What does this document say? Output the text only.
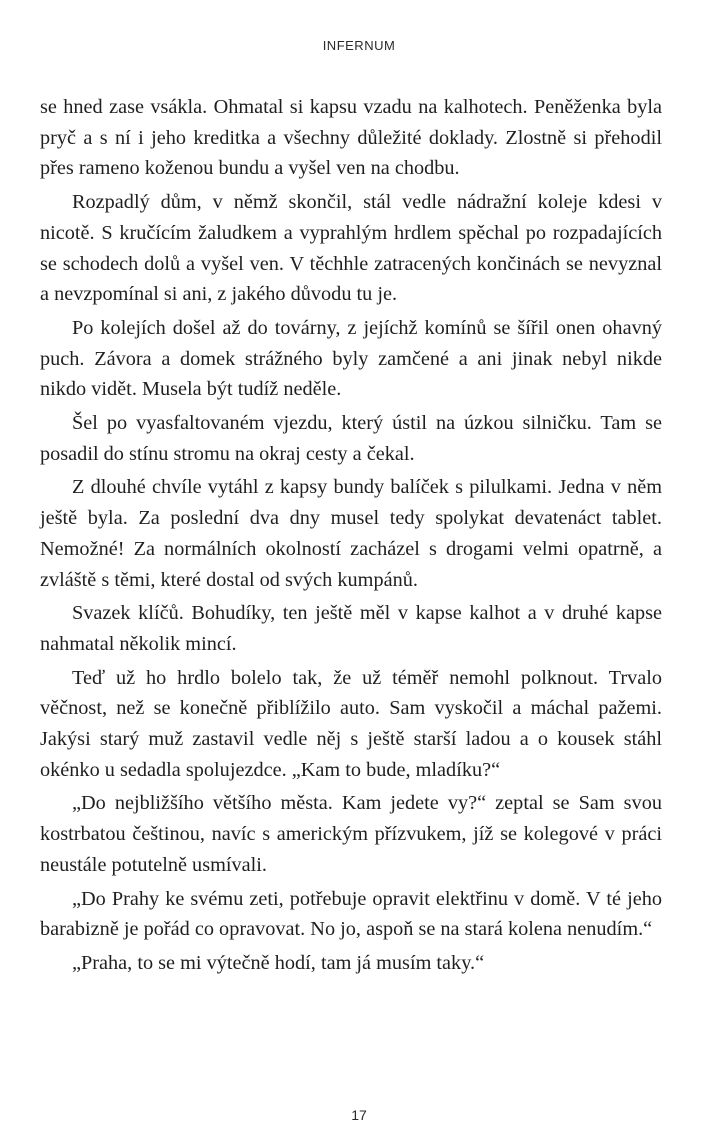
INFERNUM

se hned zase vsákla. Ohmatal si kapsu vzadu na kalhotech. Peněženka byla pryč a s ní i jeho kreditka a všechny důležité doklady. Zlostně si přehodil přes rameno koženou bundu a vyšel ven na chodbu.

Rozpadlý dům, v němž skončil, stál vedle nádražní koleje kdesi v nicotě. S kručícím žaludkem a vyprahlým hrdlem spěchal po rozpadajících se schodech dolů a vyšel ven. V těchhle zatracených končinách se nevyznal a nevzpomínal si ani, z jakého důvodu tu je.

Po kolejích došel až do továrny, z jejíchž komínů se šířil onen ohavný puch. Závora a domek strážného byly zamčené a ani jinak nebyl nikde nikdo vidět. Musela být tudíž neděle.

Šel po vyasfaltovaném vjezdu, který ústil na úzkou silničku. Tam se posadil do stínu stromu na okraj cesty a čekal.

Z dlouhé chvíle vytáhl z kapsy bundy balíček s pilulkami. Jedna v něm ještě byla. Za poslední dva dny musel tedy spolykat devatenáct tablet. Nemožné! Za normálních okolností zacházel s drogami velmi opatrně, a zvláště s těmi, které dostal od svých kumpánů.

Svazek klíčů. Bohudíky, ten ještě měl v kapse kalhot a v druhé kapse nahmatal několik mincí.

Teď už ho hrdlo bolelo tak, že už téměř nemohl polknout. Trvalo věčnost, než se konečně přiblížilo auto. Sam vyskočil a máchal pažemi. Jakýsi starý muž zastavil vedle něj s ještě starší ladou a o kousek stáhl okénko u sedadla spolujezdce. „Kam to bude, mladíku?“

„Do nejbližšího většího města. Kam jedete vy?“ zeptal se Sam svou kostrbatou češtinou, navíc s americkým přízvukem, jíž se kolegové v práci neustále potutelně usmívali.

„Do Prahy ke svému zeti, potřebuje opravit elektřinu v domě. V té jeho barabizně je pořád co opravovat. No jo, aspoň se na stará kolena nenudím.“

„Praha, to se mi výtečně hodí, tam já musím taky.“

17
